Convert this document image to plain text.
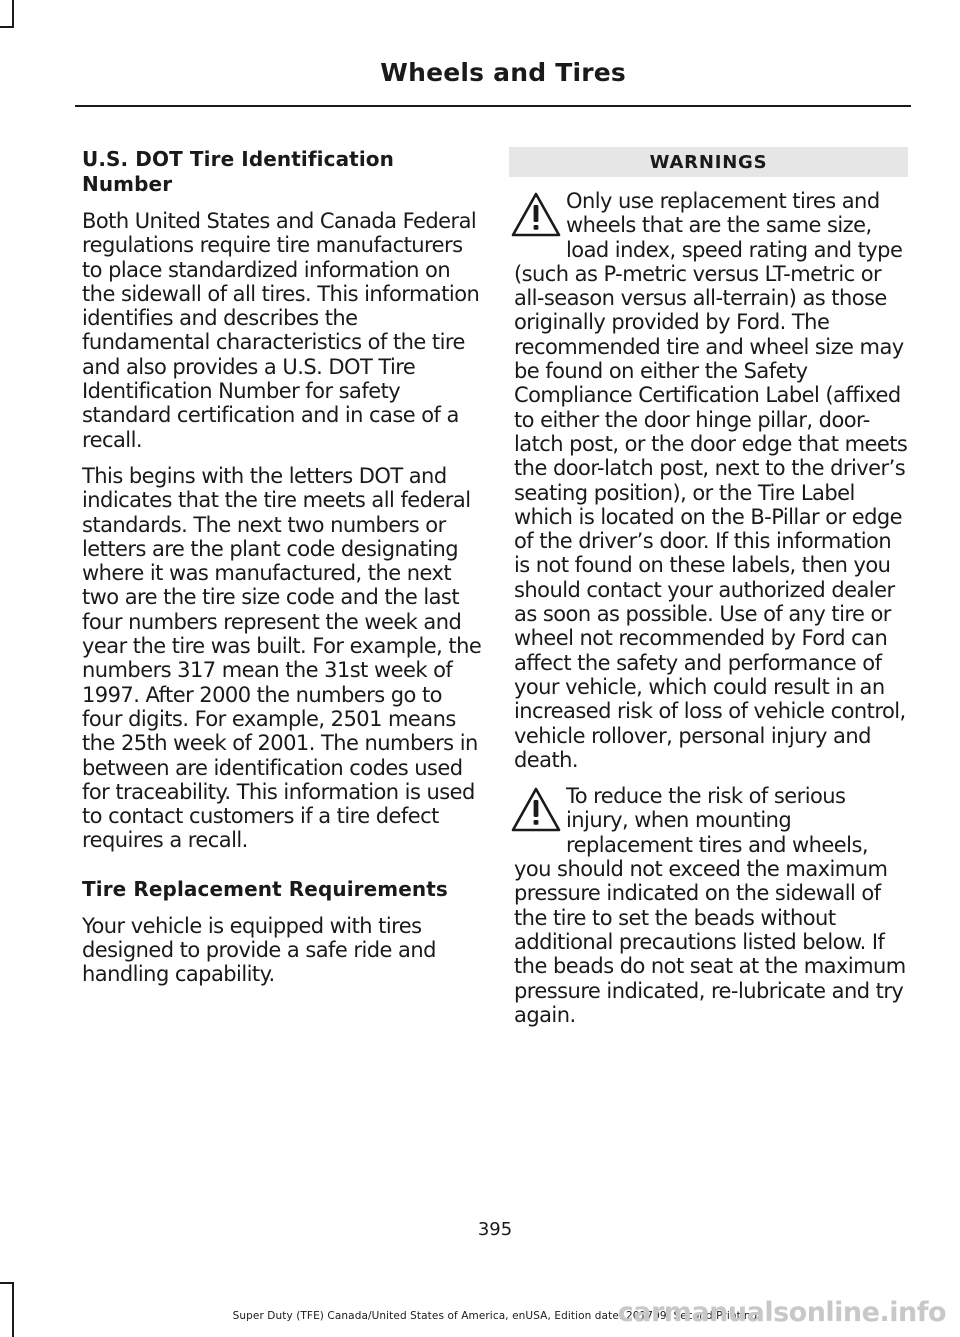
Wheels and Tires
U.S. DOT Tire Identification Number

Both United States and Canada Federal regulations require tire manufacturers to place standardized information on the sidewall of all tires. This information identifies and describes the fundamental characteristics of the tire and also provides a U.S. DOT Tire Identification Number for safety standard certification and in case of a recall.

This begins with the letters DOT and indicates that the tire meets all federal standards. The next two numbers or letters are the plant code designating where it was manufactured, the next two are the tire size code and the last four numbers represent the week and year the tire was built. For example, the numbers 317 mean the 31st week of 1997. After 2000 the numbers go to four digits. For example, 2501 means the 25th week of 2001. The numbers in between are identification codes used for traceability. This information is used to contact customers if a tire defect requires a recall.

Tire Replacement Requirements

Your vehicle is equipped with tires designed to provide a safe ride and handling capability.

WARNINGS
Only use replacement tires and wheels that are the same size, load index, speed rating and type (such as P-metric versus LT-metric or all-season versus all-terrain) as those originally provided by Ford. The recommended tire and wheel size may be found on either the Safety Compliance Certification Label (affixed to either the door hinge pillar, door-latch post, or the door edge that meets the door-latch post, next to the driver’s seating position), or the Tire Label which is located on the B-Pillar or edge of the driver’s door. If this information is not found on these labels, then you should contact your authorized dealer as soon as possible. Use of any tire or wheel not recommended by Ford can affect the safety and performance of your vehicle, which could result in an increased risk of loss of vehicle control, vehicle rollover, personal injury and death.
To reduce the risk of serious injury, when mounting replacement tires and wheels, you should not exceed the maximum pressure indicated on the sidewall of the tire to set the beads without additional precautions listed below. If the beads do not seat at the maximum pressure indicated, re-lubricate and try again.
395
Super Duty (TFE) Canada/United States of America, enUSA, Edition date: 201709, Second Printing
carmanualsonline.info
